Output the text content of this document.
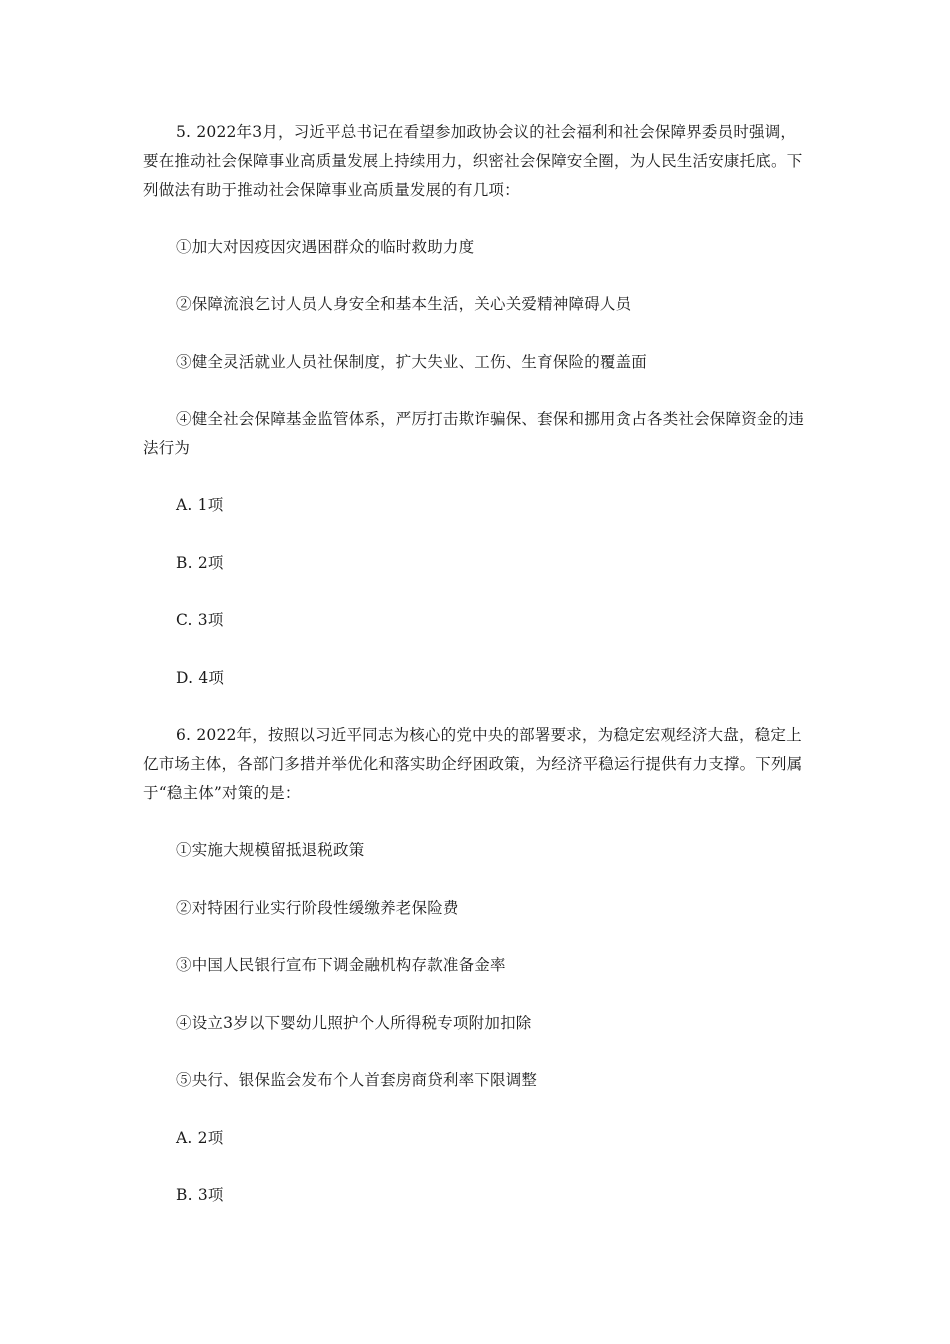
5. 2022年3月，习近平总书记在看望参加政协会议的社会福利和社会保障界委员时强调，要在推动社会保障事业高质量发展上持续用力，织密社会保障安全圈，为人民生活安康托底。下列做法有助于推动社会保障事业高质量发展的有几项：

①加大对因疫因灾遇困群众的临时救助力度

②保障流浪乞讨人员人身安全和基本生活，关心关爱精神障碍人员

③健全灵活就业人员社保制度，扩大失业、工伤、生育保险的覆盖面

④健全社会保障基金监管体系，严厉打击欺诈骗保、套保和挪用贪占各类社会保障资金的违法行为

A. 1项

B. 2项

C. 3项

D. 4项

6. 2022年，按照以习近平同志为核心的党中央的部署要求，为稳定宏观经济大盘，稳定上亿市场主体，各部门多措并举优化和落实助企纾困政策，为经济平稳运行提供有力支撑。下列属于“稳主体”对策的是：

①实施大规模留抵退税政策

②对特困行业实行阶段性缓缴养老保险费

③中国人民银行宣布下调金融机构存款准备金率

④设立3岁以下婴幼儿照护个人所得税专项附加扣除

⑤央行、银保监会发布个人首套房商贷利率下限调整

A. 2项

B. 3项
